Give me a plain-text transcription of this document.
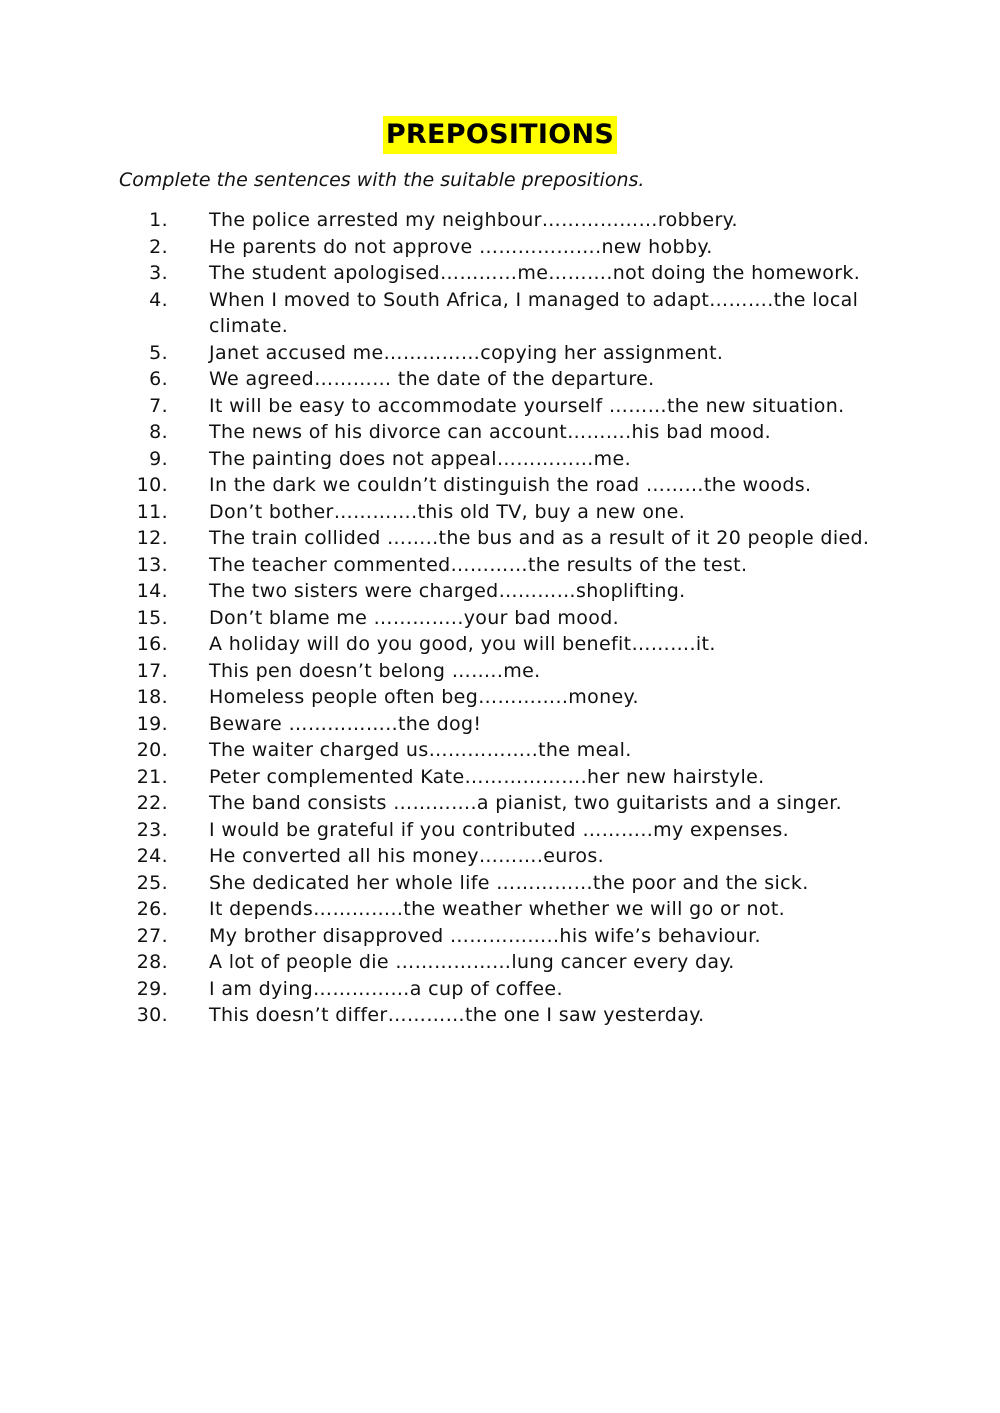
PREPOSITIONS
Complete the sentences with the suitable prepositions.
1. The police arrested my neighbour………………robbery.
2. He parents do not approve ……………….new hobby.
3. The student apologised…………me……….not doing the homework.
4. When I moved to South Africa, I managed to adapt……….the local climate.
5. Janet accused me……………copying her assignment.
6. We agreed………… the date of the departure.
7. It will be easy to accommodate yourself ………the new situation.
8. The news of his divorce can account……….his bad mood.
9. The painting does not appeal……………me.
10. In the dark we couldn’t distinguish the road ………the woods.
11. Don’t bother………….this old TV, buy a new one.
12. The train collided ……..the bus and as a result of it 20 people died.
13. The teacher commented…………the results of the test.
14. The two sisters were charged…………shoplifting.
15. Don’t blame me …………..your bad mood.
16. A holiday will do you good, you will benefit……….it.
17. This pen doesn’t belong ……..me.
18. Homeless people often beg…………..money.
19. Beware ……………..the dog!
20. The waiter charged us……………..the meal.
21. Peter complemented Kate……………….her new hairstyle.
22. The band consists ………….a pianist, two guitarists and a singer.
23. I would be grateful if you contributed ………..my expenses.
24. He converted all his money……….euros.
25. She dedicated her whole life ……………the poor and the sick.
26. It depends…………..the weather whether we will go or not.
27. My brother disapproved ……………..his wife’s behaviour.
28. A lot of people die ………………lung cancer every day.
29. I am dying……………a cup of coffee.
30. This doesn’t differ…………the one I saw yesterday.
